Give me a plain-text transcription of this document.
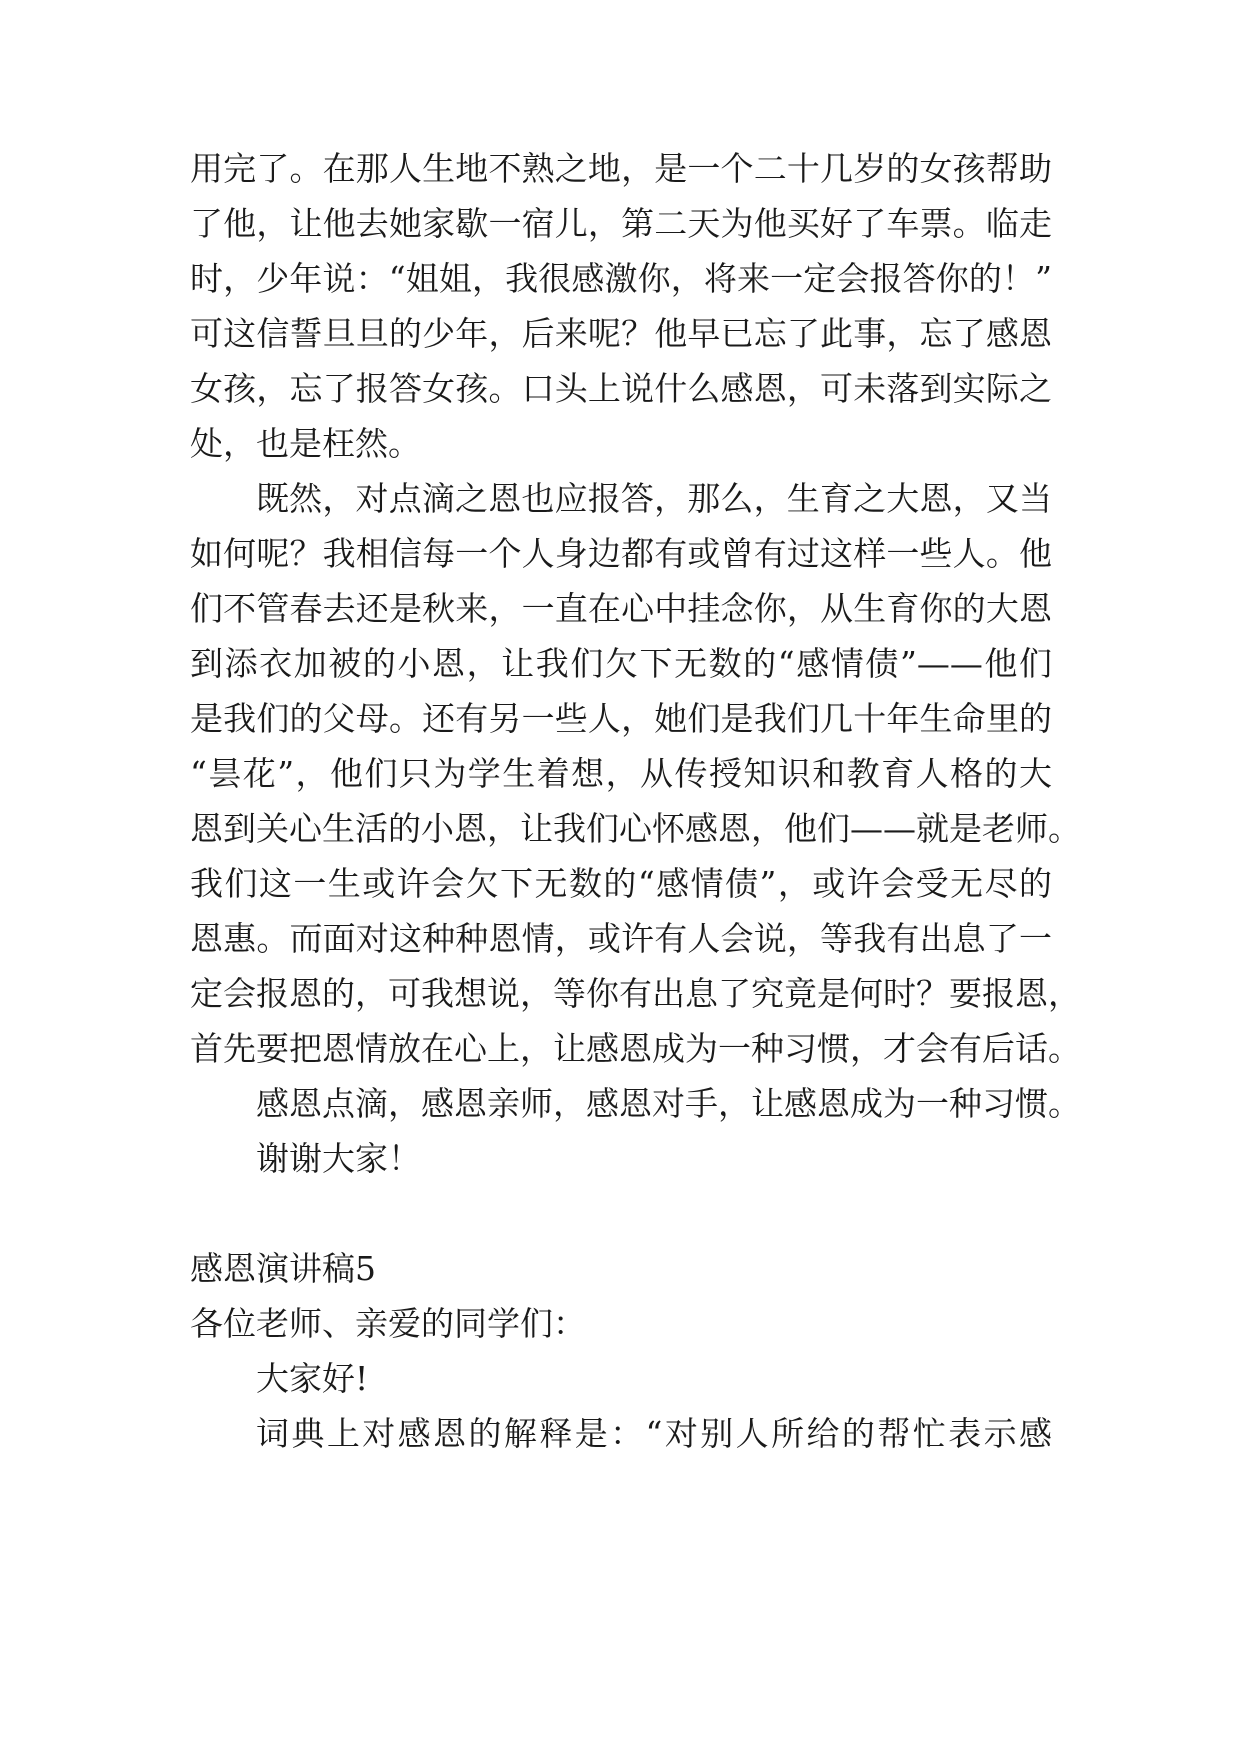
用完了。在那人生地不熟之地，是一个二十几岁的女孩帮助
了他，让他去她家歇一宿儿，第二天为他买好了车票。临走
时，少年说：“姐姐，我很感激你，将来一定会报答你的！”
可这信誓旦旦的少年，后来呢？他早已忘了此事，忘了感恩
女孩，忘了报答女孩。口头上说什么感恩，可未落到实际之
处，也是枉然。
既然，对点滴之恩也应报答，那么，生育之大恩，又当
如何呢？我相信每一个人身边都有或曾有过这样一些人。他
们不管春去还是秋来，一直在心中挂念你，从生育你的大恩
到添衣加被的小恩，让我们欠下无数的“感情债”——他们
是我们的父母。还有另一些人，她们是我们几十年生命里的
“昙花”，他们只为学生着想，从传授知识和教育人格的大
恩到关心生活的小恩，让我们心怀感恩，他们——就是老师。
我们这一生或许会欠下无数的“感情债”，或许会受无尽的
恩惠。而面对这种种恩情，或许有人会说，等我有出息了一
定会报恩的，可我想说，等你有出息了究竟是何时？要报恩，
首先要把恩情放在心上，让感恩成为一种习惯，才会有后话。
感恩点滴，感恩亲师，感恩对手，让感恩成为一种习惯。
谢谢大家！
感恩演讲稿5
各位老师、亲爱的同学们：
大家好!
词典上对感恩的解释是：“对别人所给的帮忙表示感
